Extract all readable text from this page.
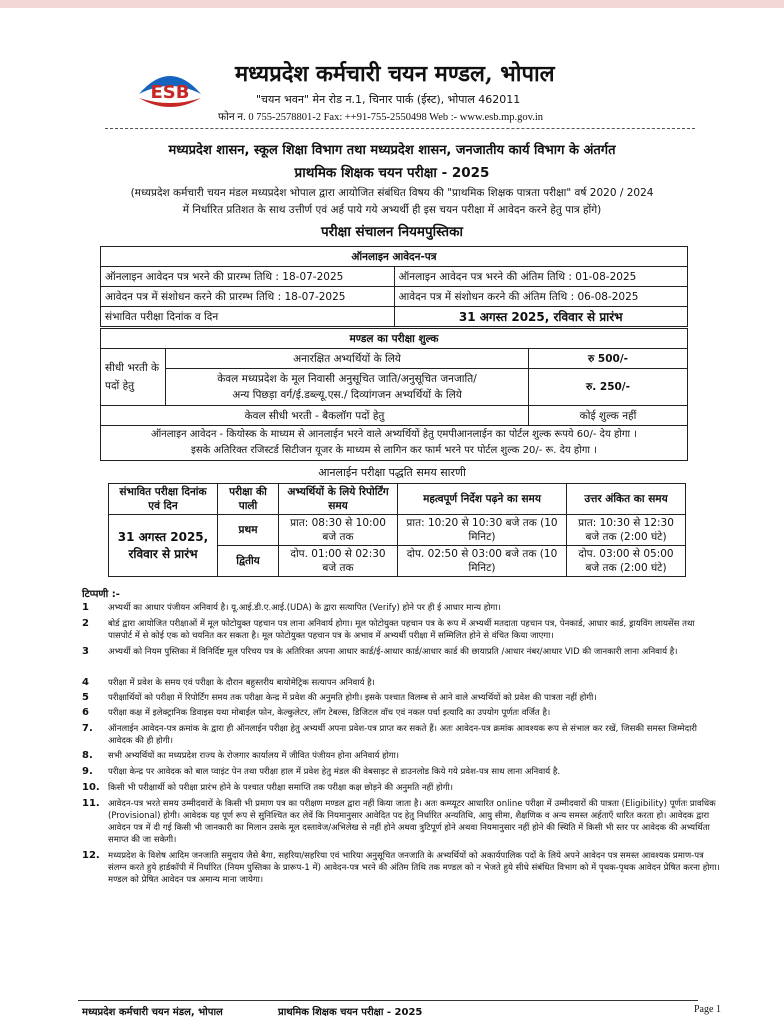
ESB
मध्यप्रदेश कर्मचारी चयन मण्डल, भोपाल
"चयन भवन" मेन रोड न.1, चिनार पार्क (ईस्ट), भोपाल 462011
फोन न. 0 755-2578801-2 Fax: ++91-755-2550498 Web :- www.esb.mp.gov.in
मध्यप्रदेश शासन, स्कूल शिक्षा विभाग तथा मध्यप्रदेश शासन, जनजातीय कार्य विभाग के अंतर्गत
प्राथमिक शिक्षक चयन परीक्षा - 2025
(मध्यप्रदेश कर्मचारी चयन मंडल मध्यप्रदेश भोपाल द्वारा आयोजित संबंधित विषय की "प्राथमिक शिक्षक पात्रता परीक्षा" वर्ष 2020 / 2024
में निर्धारित प्रतिशत के साथ उत्तीर्ण एवं अर्ह पाये गये अभ्यर्थी ही इस चयन परीक्षा में आवेदन करने हेतु पात्र होंगे)
परीक्षा संचालन नियमपुस्तिका
ऑनलाइन आवेदन-पत्र	
ऑनलाइन आवेदन पत्र भरने की प्रारम्भ तिथि : 18-07-2025	ऑनलाइन आवेदन पत्र भरने की अंतिम तिथि : 01-08-2025
आवेदन पत्र में संशोधन करने की प्रारम्भ तिथि : 18-07-2025	आवेदन पत्र में संशोधन करने की अंतिम तिथि : 06-08-2025
संभावित परीक्षा दिनांक व दिन	31 अगस्त 2025, रविवार से प्रारंभ
मण्डल का परीक्षा शुल्क		
सीधी भरती के पदों हेतु	अनारक्षित अभ्यर्थियों के लिये	रु 500/-
	केवल मध्यप्रदेश के मूल निवासी अनुसूचित जाति/अनुसूचित जनजाति/
अन्य पिछड़ा वर्ग/ई.डब्ल्यू.एस./ दिव्यांगजन अभ्यर्थियों के लिये	रु. 250/-
केवल सीधी भरती - बैकलॉग पदों हेतु		कोई शुल्क नहीं
ऑनलाइन आवेदन - कियोस्क के माध्यम से आनलाईन भरने वाले अभ्यर्थियों हेतु एमपीआनलाईन का पोर्टल शुल्क रूपये 60/- देय होगा ।
इसके अतिरिक्त रजिस्टर्ड सिटीजन यूजर के माध्यम से लागिन कर फार्म भरने पर पोर्टल शुल्क 20/- रू. देय होगा ।		
आनलाईन परीक्षा पद्धति समय सारणी
संभावित परीक्षा दिनांक एवं दिन	परीक्षा की पाली	अभ्यर्थियों के लिये रिपोर्टिंग समय	महत्वपूर्ण निर्देश पढ़ने का समय	उत्तर अंकित का समय
31 अगस्त 2025, रविवार से प्रारंभ	प्रथम	प्रात: 08:30 से 10:00 बजे तक	प्रात: 10:20 से 10:30 बजे तक (10 मिनिट)	प्रात: 10:30 से 12:30 बजे तक (2:00 घंटे)
	द्वितीय	दोप. 01:00 से 02:30 बजे तक	दोप. 02:50 से 03:00 बजे तक (10 मिनिट)	दोप. 03:00 से 05:00 बजे तक (2:00 घंटे)
टिप्पणी :-
1 अभ्यर्थी का आधार पंजीयन अनिवार्य है। यू.आई.डी.ए.आई.(UDA) के द्वारा सत्यापित (Verify) होने पर ही ई आधार मान्य होगा।
2 बोर्ड द्वारा आयोजित परीक्षाओं में मूल फोटोयुक्त पहचान पत्र लाना अनिवार्य होगा। मूल फोटोयुक्त पहचान पत्र के रूप में अभ्यर्थी मतदाता पहचान पत्र, पेनकार्ड, आधार कार्ड, ड्रायविंग लायसेंस तथा पासपोर्ट में से कोई एक को चयनित कर सकता है। मूल फोटोयुक्त पहचान पत्र के अभाव में अभ्यर्थी परीक्षा में सम्मिलित होने से वंचित किया जाएगा।
3 अभ्यर्थी को नियम पुस्तिका में विनिर्दिष्ट मूल परिचय पत्र के अतिरिक्त अपना आधार कार्ड/ई-आधार कार्ड/आधार कार्ड की छायाप्रति /आधार नंबर/आधार VID की जानकारी लाना अनिवार्य है।
4 परीक्षा में प्रवेश के समय एवं परीक्षा के दौरान बहुस्तरीय बायोमेट्रिक सत्यापन अनिवार्य है।
5 परीक्षार्थियों को परीक्षा में रिपोर्टिंग समय तक परीक्षा केन्द्र में प्रवेश की अनुमति होगी। इसके पश्चात विलम्ब से आने वाले अभ्यर्थियों को प्रवेश की पात्रता नहीं होगी।
6 परीक्षा कक्ष में इलेक्ट्रानिक डिवाइस यथा मोबाईल फोन, केल्कुलेटर, लॉग टेबल्स, डिजिटल वॉच एवं नकल पर्चा इत्यादि का उपयोग पूर्णतः वर्जित है।
7. ऑनलाईन आवेदन-पत्र क्रमांक के द्वारा ही ऑनलाईन परीक्षा हेतु अभ्यर्थी अपना प्रवेश-पत्र प्राप्त कर सकते हैं। अतः आवेदन-पत्र क्रमांक आवश्यक रूप से संभाल कर रखें, जिसकी समस्त जिम्मेदारी आवेदक की ही होगी।
8. सभी अभ्यर्थियों का मध्यप्रदेश राज्य के रोजगार कार्यालय में जीवित पंजीयन होना अनिवार्य होगा।
9. परीक्षा केन्द्र पर आवेदक को बाल प्वाइंट पेन तथा परीक्षा हाल में प्रवेश हेतु मंडल की वेबसाइट से डाउनलोड किये गये प्रवेश-पत्र साथ लाना अनिवार्य है.
10. किसी भी परीक्षार्थी को परीक्षा प्रारंभ होने के पश्चात परीक्षा समाप्ति तक परीक्षा कक्ष छोड़ने की अनुमति नहीं होगी।
11. आवेदन-पत्र भरते समय उम्मीदवारों के किसी भी प्रमाण पत्र का परीक्षण मण्डल द्वारा नहीं किया जाता है। अतः कम्प्यूटर आधारित online परीक्षा में उम्मीदवारों की पात्रता (Eligibility) पूर्णतः प्रावधिक (Provisional) होगी। आवेदक यह पूर्ण रूप से सुनिश्चित कर लेवें कि नियमानुसार आवेदित पद हेतु निर्धारित अन्यतिथि, आयु सीमा, शैक्षणिक व अन्य समस्त अर्हताएँ धारित करता हो। आवेदक द्वारा आवेदन पत्र में दी गई किसी भी जानकारी का मिलान उसके मूल दस्तावेज/अभिलेख से नहीं होने अथवा त्रुटिपूर्ण होने अथवा नियमानुसार नहीं होने की स्थिति में किसी भी स्तर पर आवेदक की अभ्यर्थिता समाप्त की जा सकेगी।
12. मध्यप्रदेश के विशेष आदिम जनजाति समुदाय जैसे बैगा, सहरिया/सहरिया एवं भारिया अनुसूचित जनजाति के अभ्यर्थियों को अकार्यपालिक पदों के लिये अपने आवेदन पत्र समस्त आवश्यक प्रमाण-पत्र संलग्न करते हुये हार्डकॉपी में निर्धारित (नियम पुस्तिका के प्रारूप-1 में) आवेदन-पत्र भरने की अंतिम तिथि तक मण्डल को न भेजते हुये सीधे संबंधित विभाग को में पृथक-पृथक आवेदन प्रेषित करना होगा। मण्डल को प्रेषित आवेदन पत्र अमान्य माना जायेगा।
मध्यप्रदेश कर्मचारी चयन मंडल, भोपाल	प्राथमिक शिक्षक चयन परीक्षा - 2025	Page 1
